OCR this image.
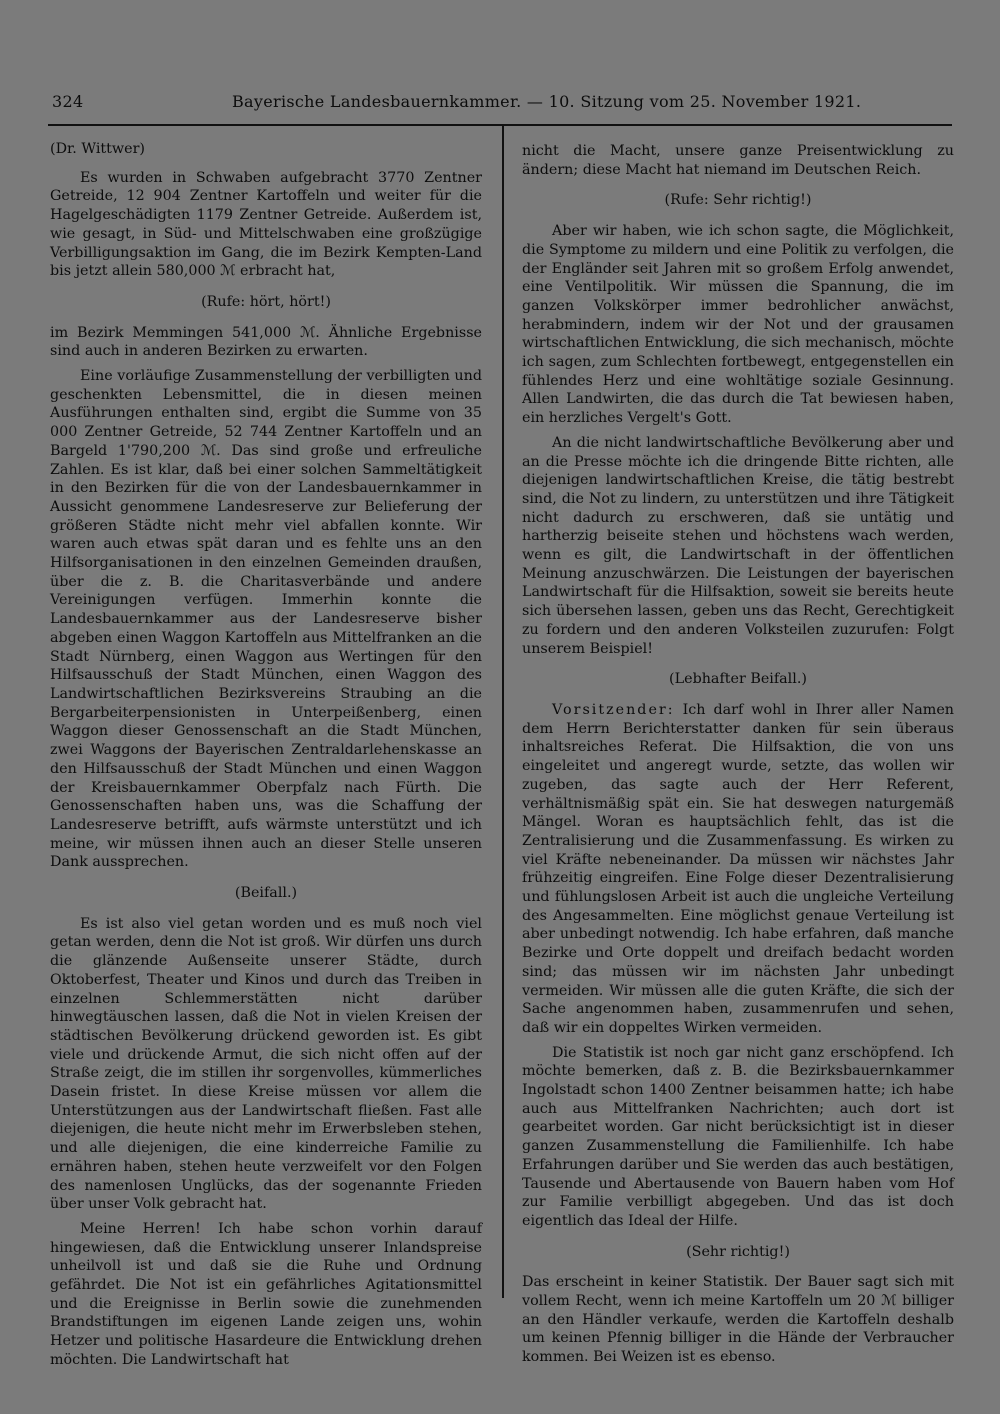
324	Bayerische Landesbauernkammer. — 10. Sitzung vom 25. November 1921.

(Dr. Wittwer)

Es wurden in Schwaben aufgebracht 3770 Zentner Getreide, 12 904 Zentner Kartoffeln und weiter für die Hagelgeschädigten 1179 Zentner Getreide. Außerdem ist, wie gesagt, in Süd- und Mittelschwaben eine großzügige Verbilligungsaktion im Gang, die im Bezirk Kempten-Land bis jetzt allein 580,000 ℳ erbracht hat,

(Rufe: hört, hört!)

im Bezirk Memmingen 541,000 ℳ. Ähnliche Ergebnisse sind auch in anderen Bezirken zu erwarten.

Eine vorläufige Zusammenstellung der verbilligten und geschenkten Lebensmittel, die in diesen meinen Ausführungen enthalten sind, ergibt die Summe von 35 000 Zentner Getreide, 52 744 Zentner Kartoffeln und an Bargeld 1'790,200 ℳ. Das sind große und erfreuliche Zahlen. Es ist klar, daß bei einer solchen Sammeltätigkeit in den Bezirken für die von der Landesbauernkammer in Aussicht genommene Landesreserve zur Belieferung der größeren Städte nicht mehr viel abfallen konnte. Wir waren auch etwas spät daran und es fehlte uns an den Hilfsorganisationen in den einzelnen Gemeinden draußen, über die z. B. die Charitasverbände und andere Vereinigungen verfügen. Immerhin konnte die Landesbauernkammer aus der Landesreserve bisher abgeben einen Waggon Kartoffeln aus Mittelfranken an die Stadt Nürnberg, einen Waggon aus Wertingen für den Hilfsausschuß der Stadt München, einen Waggon des Landwirtschaftlichen Bezirksvereins Straubing an die Bergarbeiterpensionisten in Unterpeißenberg, einen Waggon dieser Genossenschaft an die Stadt München, zwei Waggons der Bayerischen Zentraldarlehenskasse an den Hilfsausschuß der Stadt München und einen Waggon der Kreisbauernkammer Oberpfalz nach Fürth. Die Genossenschaften haben uns, was die Schaffung der Landesreserve betrifft, aufs wärmste unterstützt und ich meine, wir müssen ihnen auch an dieser Stelle unseren Dank aussprechen.

(Beifall.)

Es ist also viel getan worden und es muß noch viel getan werden, denn die Not ist groß. Wir dürfen uns durch die glänzende Außenseite unserer Städte, durch Oktoberfest, Theater und Kinos und durch das Treiben in einzelnen Schlemmerstätten nicht darüber hinwegtäuschen lassen, daß die Not in vielen Kreisen der städtischen Bevölkerung drückend geworden ist. Es gibt viele und drückende Armut, die sich nicht offen auf der Straße zeigt, die im stillen ihr sorgenvolles, kümmerliches Dasein fristet. In diese Kreise müssen vor allem die Unterstützungen aus der Landwirtschaft fließen. Fast alle diejenigen, die heute nicht mehr im Erwerbsleben stehen, und alle diejenigen, die eine kinderreiche Familie zu ernähren haben, stehen heute verzweifelt vor den Folgen des namenlosen Unglücks, das der sogenannte Frieden über unser Volk gebracht hat.

Meine Herren! Ich habe schon vorhin darauf hingewiesen, daß die Entwicklung unserer Inlandspreise unheilvoll ist und daß sie die Ruhe und Ordnung gefährdet. Die Not ist ein gefährliches Agitationsmittel und die Ereignisse in Berlin sowie die zunehmenden Brandstiftungen im eigenen Lande zeigen uns, wohin Hetzer und politische Hasardeure die Entwicklung drehen möchten. Die Landwirtschaft hat

nicht die Macht, unsere ganze Preisentwicklung zu ändern; diese Macht hat niemand im Deutschen Reich.

(Rufe: Sehr richtig!)

Aber wir haben, wie ich schon sagte, die Möglichkeit, die Symptome zu mildern und eine Politik zu verfolgen, die der Engländer seit Jahren mit so großem Erfolg anwendet, eine Ventilpolitik. Wir müssen die Spannung, die im ganzen Volkskörper immer bedrohlicher anwächst, herabmindern, indem wir der Not und der grausamen wirtschaftlichen Entwicklung, die sich mechanisch, möchte ich sagen, zum Schlechten fortbewegt, entgegenstellen ein fühlendes Herz und eine wohltätige soziale Gesinnung. Allen Landwirten, die das durch die Tat bewiesen haben, ein herzliches Vergelt's Gott.

An die nicht landwirtschaftliche Bevölkerung aber und an die Presse möchte ich die dringende Bitte richten, alle diejenigen landwirtschaftlichen Kreise, die tätig bestrebt sind, die Not zu lindern, zu unterstützen und ihre Tätigkeit nicht dadurch zu erschweren, daß sie untätig und hartherzig beiseite stehen und höchstens wach werden, wenn es gilt, die Landwirtschaft in der öffentlichen Meinung anzuschwärzen. Die Leistungen der bayerischen Landwirtschaft für die Hilfsaktion, soweit sie bereits heute sich übersehen lassen, geben uns das Recht, Gerechtigkeit zu fordern und den anderen Volksteilen zuzurufen: Folgt unserem Beispiel!

(Lebhafter Beifall.)

Vorsitzender: Ich darf wohl in Ihrer aller Namen dem Herrn Berichterstatter danken für sein überaus inhaltsreiches Referat. Die Hilfsaktion, die von uns eingeleitet und angeregt wurde, setzte, das wollen wir zugeben, das sagte auch der Herr Referent, verhältnismäßig spät ein. Sie hat deswegen naturgemäß Mängel. Woran es hauptsächlich fehlt, das ist die Zentralisierung und die Zusammenfassung. Es wirken zu viel Kräfte nebeneinander. Da müssen wir nächstes Jahr frühzeitig eingreifen. Eine Folge dieser Dezentralisierung und fühlungslosen Arbeit ist auch die ungleiche Verteilung des Angesammelten. Eine möglichst genaue Verteilung ist aber unbedingt notwendig. Ich habe erfahren, daß manche Bezirke und Orte doppelt und dreifach bedacht worden sind; das müssen wir im nächsten Jahr unbedingt vermeiden. Wir müssen alle die guten Kräfte, die sich der Sache angenommen haben, zusammenrufen und sehen, daß wir ein doppeltes Wirken vermeiden.

Die Statistik ist noch gar nicht ganz erschöpfend. Ich möchte bemerken, daß z. B. die Bezirksbauernkammer Ingolstadt schon 1400 Zentner beisammen hatte; ich habe auch aus Mittelfranken Nachrichten; auch dort ist gearbeitet worden. Gar nicht berücksichtigt ist in dieser ganzen Zusammenstellung die Familienhilfe. Ich habe Erfahrungen darüber und Sie werden das auch bestätigen, Tausende und Abertausende von Bauern haben vom Hof zur Familie verbilligt abgegeben. Und das ist doch eigentlich das Ideal der Hilfe.

(Sehr richtig!)

Das erscheint in keiner Statistik. Der Bauer sagt sich mit vollem Recht, wenn ich meine Kartoffeln um 20 ℳ billiger an den Händler verkaufe, werden die Kartoffeln deshalb um keinen Pfennig billiger in die Hände der Verbraucher kommen. Bei Weizen ist es ebenso.
